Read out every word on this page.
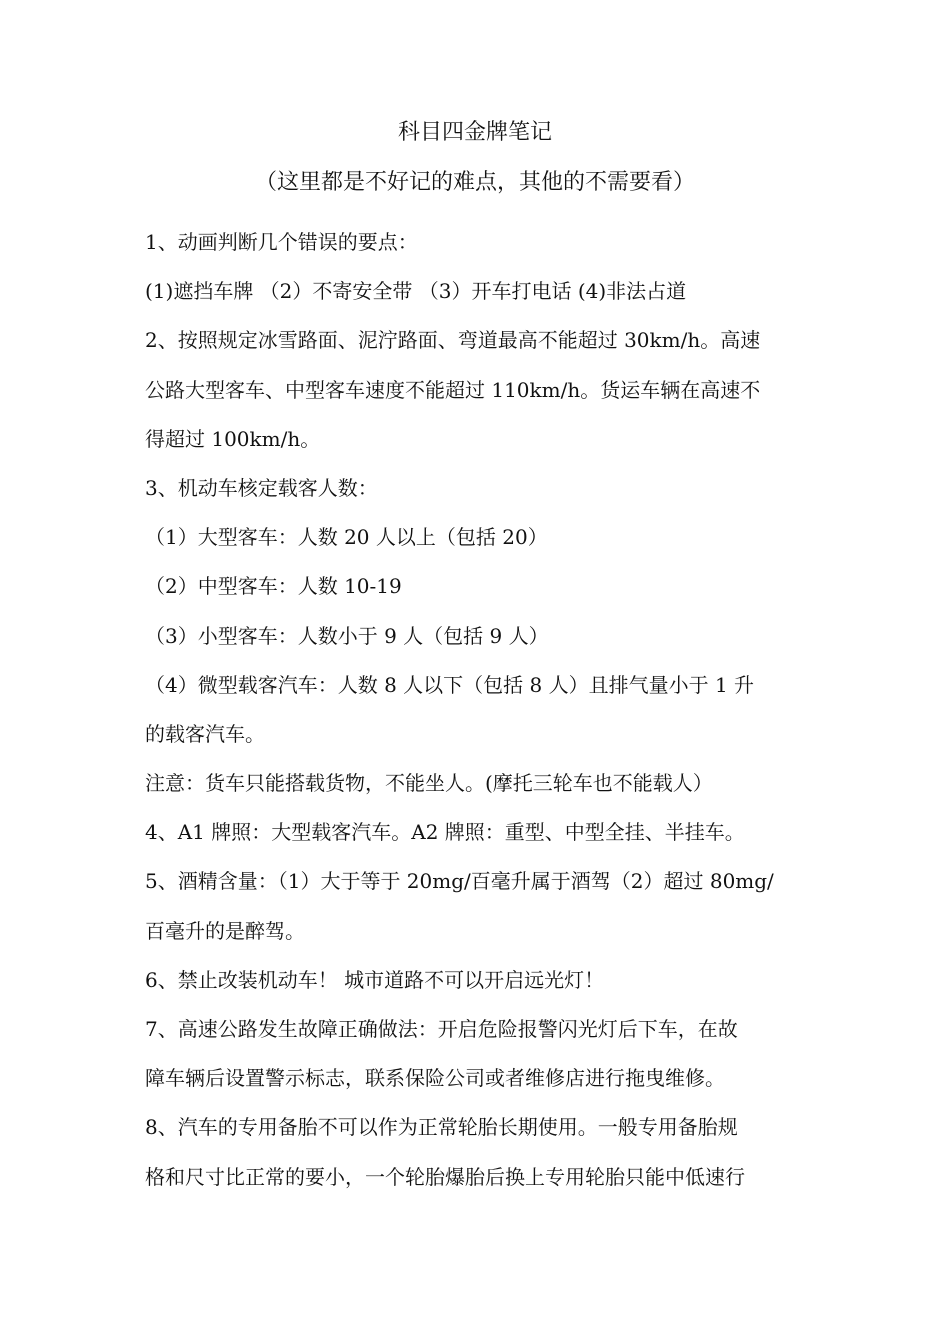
科目四金牌笔记
（这里都是不好记的难点，其他的不需要看）
1、动画判断几个错误的要点：
(1)遮挡车牌 （2）不寄安全带 （3）开车打电话 (4)非法占道
2、按照规定冰雪路面、泥泞路面、弯道最高不能超过 30km/h。高速
公路大型客车、中型客车速度不能超过 110km/h。货运车辆在高速不
得超过 100km/h。
3、机动车核定载客人数：
（1）大型客车：人数 20 人以上（包括 20）
（2）中型客车：人数 10-19
（3）小型客车：人数小于 9 人（包括 9 人）
（4）微型载客汽车：人数 8 人以下（包括 8 人）且排气量小于 1 升
的载客汽车。
注意：货车只能搭载货物，不能坐人。(摩托三轮车也不能载人）
4、A1 牌照：大型载客汽车。A2 牌照：重型、中型全挂、半挂车。
5、酒精含量：（1）大于等于 20mg/百毫升属于酒驾（2）超过 80mg/
百毫升的是醉驾。
6、禁止改装机动车！ 城市道路不可以开启远光灯！
7、高速公路发生故障正确做法：开启危险报警闪光灯后下车，在故
障车辆后设置警示标志，联系保险公司或者维修店进行拖曳维修。
8、汽车的专用备胎不可以作为正常轮胎长期使用。一般专用备胎规
格和尺寸比正常的要小，一个轮胎爆胎后换上专用轮胎只能中低速行
